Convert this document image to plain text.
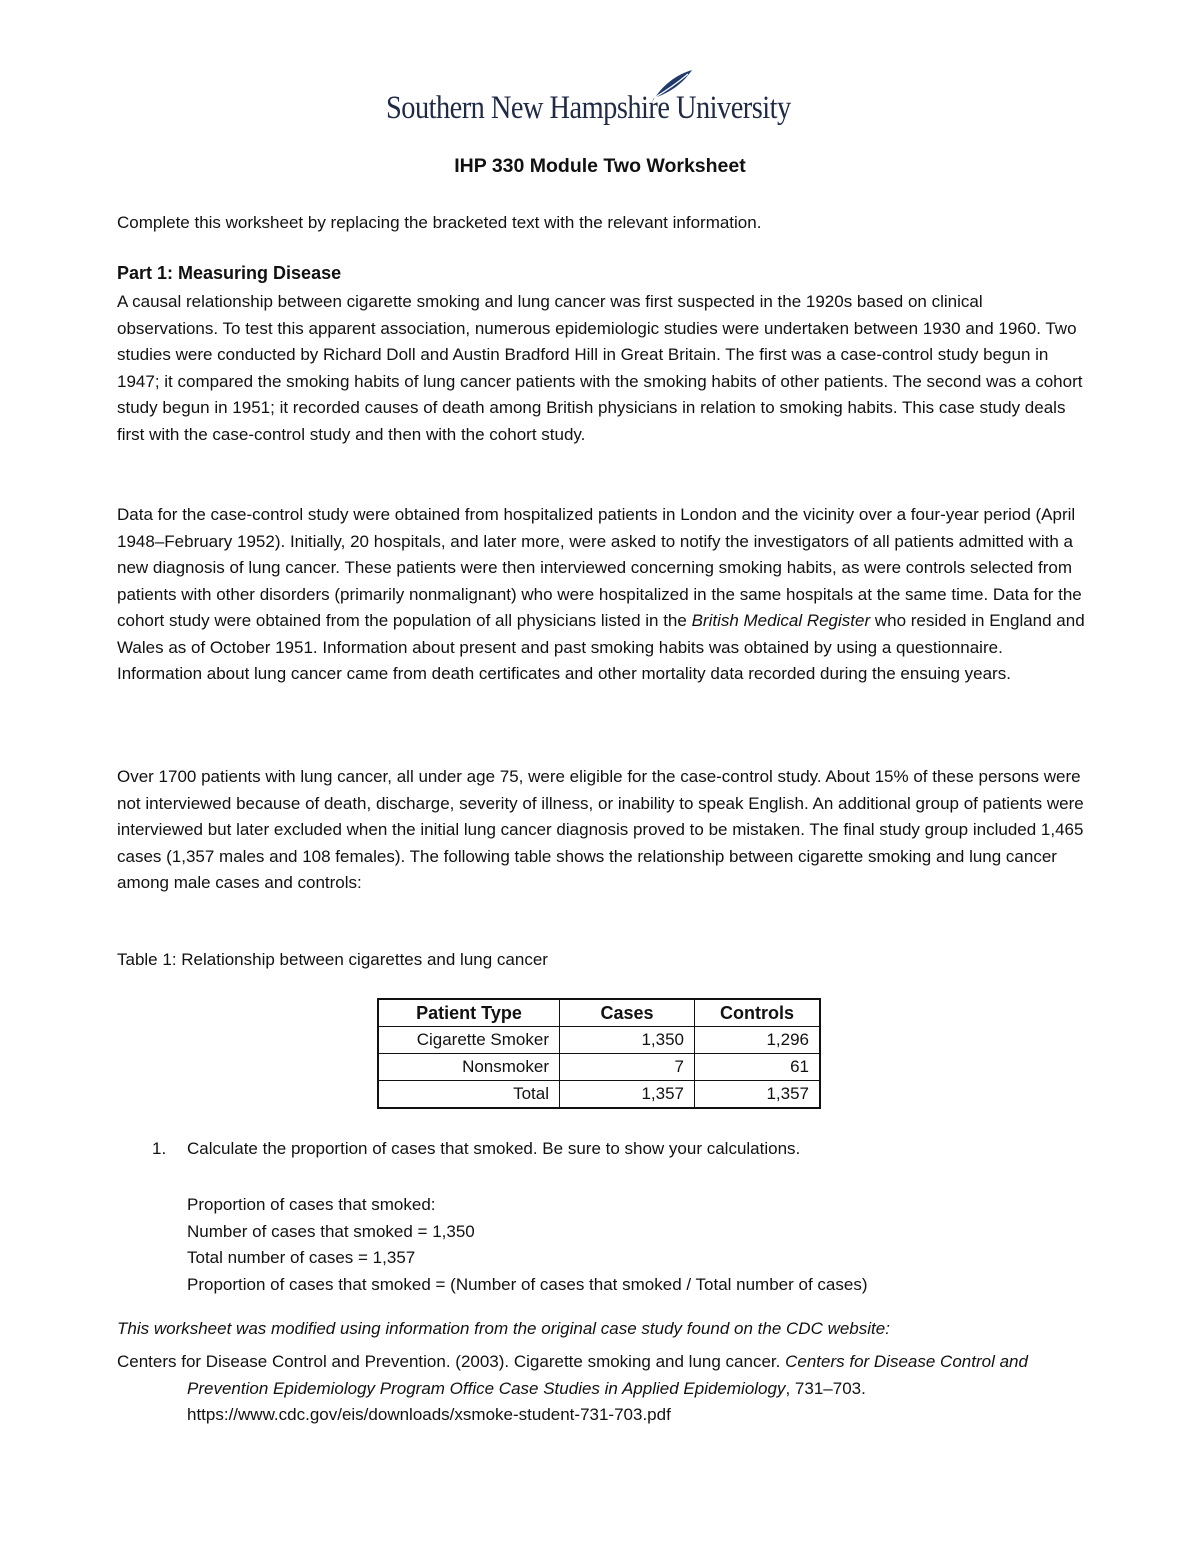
Southern New Hampshire University
IHP 330 Module Two Worksheet

Complete this worksheet by replacing the bracketed text with the relevant information.

Part 1: Measuring Disease

A causal relationship between cigarette smoking and lung cancer was first suspected in the 1920s based on clinical observations. To test this apparent association, numerous epidemiologic studies were undertaken between 1930 and 1960. Two studies were conducted by Richard Doll and Austin Bradford Hill in Great Britain. The first was a case-control study begun in 1947; it compared the smoking habits of lung cancer patients with the smoking habits of other patients. The second was a cohort study begun in 1951; it recorded causes of death among British physicians in relation to smoking habits. This case study deals first with the case-control study and then with the cohort study.

Data for the case-control study were obtained from hospitalized patients in London and the vicinity over a four-year period (April 1948–February 1952). Initially, 20 hospitals, and later more, were asked to notify the investigators of all patients admitted with a new diagnosis of lung cancer. These patients were then interviewed concerning smoking habits, as were controls selected from patients with other disorders (primarily nonmalignant) who were hospitalized in the same hospitals at the same time. Data for the cohort study were obtained from the population of all physicians listed in the British Medical Register who resided in England and Wales as of October 1951. Information about present and past smoking habits was obtained by using a questionnaire. Information about lung cancer came from death certificates and other mortality data recorded during the ensuing years.

Over 1700 patients with lung cancer, all under age 75, were eligible for the case-control study. About 15% of these persons were not interviewed because of death, discharge, severity of illness, or inability to speak English. An additional group of patients were interviewed but later excluded when the initial lung cancer diagnosis proved to be mistaken. The final study group included 1,465 cases (1,357 males and 108 females). The following table shows the relationship between cigarette smoking and lung cancer among male cases and controls:

Table 1: Relationship between cigarettes and lung cancer
Patient Type	Cases	Controls
Cigarette Smoker	1,350	1,296
Nonsmoker	7	61
Total	1,357	1,357
1. Calculate the proportion of cases that smoked. Be sure to show your calculations.
Proportion of cases that smoked:
Number of cases that smoked = 1,350
Total number of cases = 1,357
Proportion of cases that smoked = (Number of cases that smoked / Total number of cases)
This worksheet was modified using information from the original case study found on the CDC website:
Centers for Disease Control and Prevention. (2003). Cigarette smoking and lung cancer. Centers for Disease Control and Prevention Epidemiology Program Office Case Studies in Applied Epidemiology, 731–703.
https://www.cdc.gov/eis/downloads/xsmoke-student-731-703.pdf
